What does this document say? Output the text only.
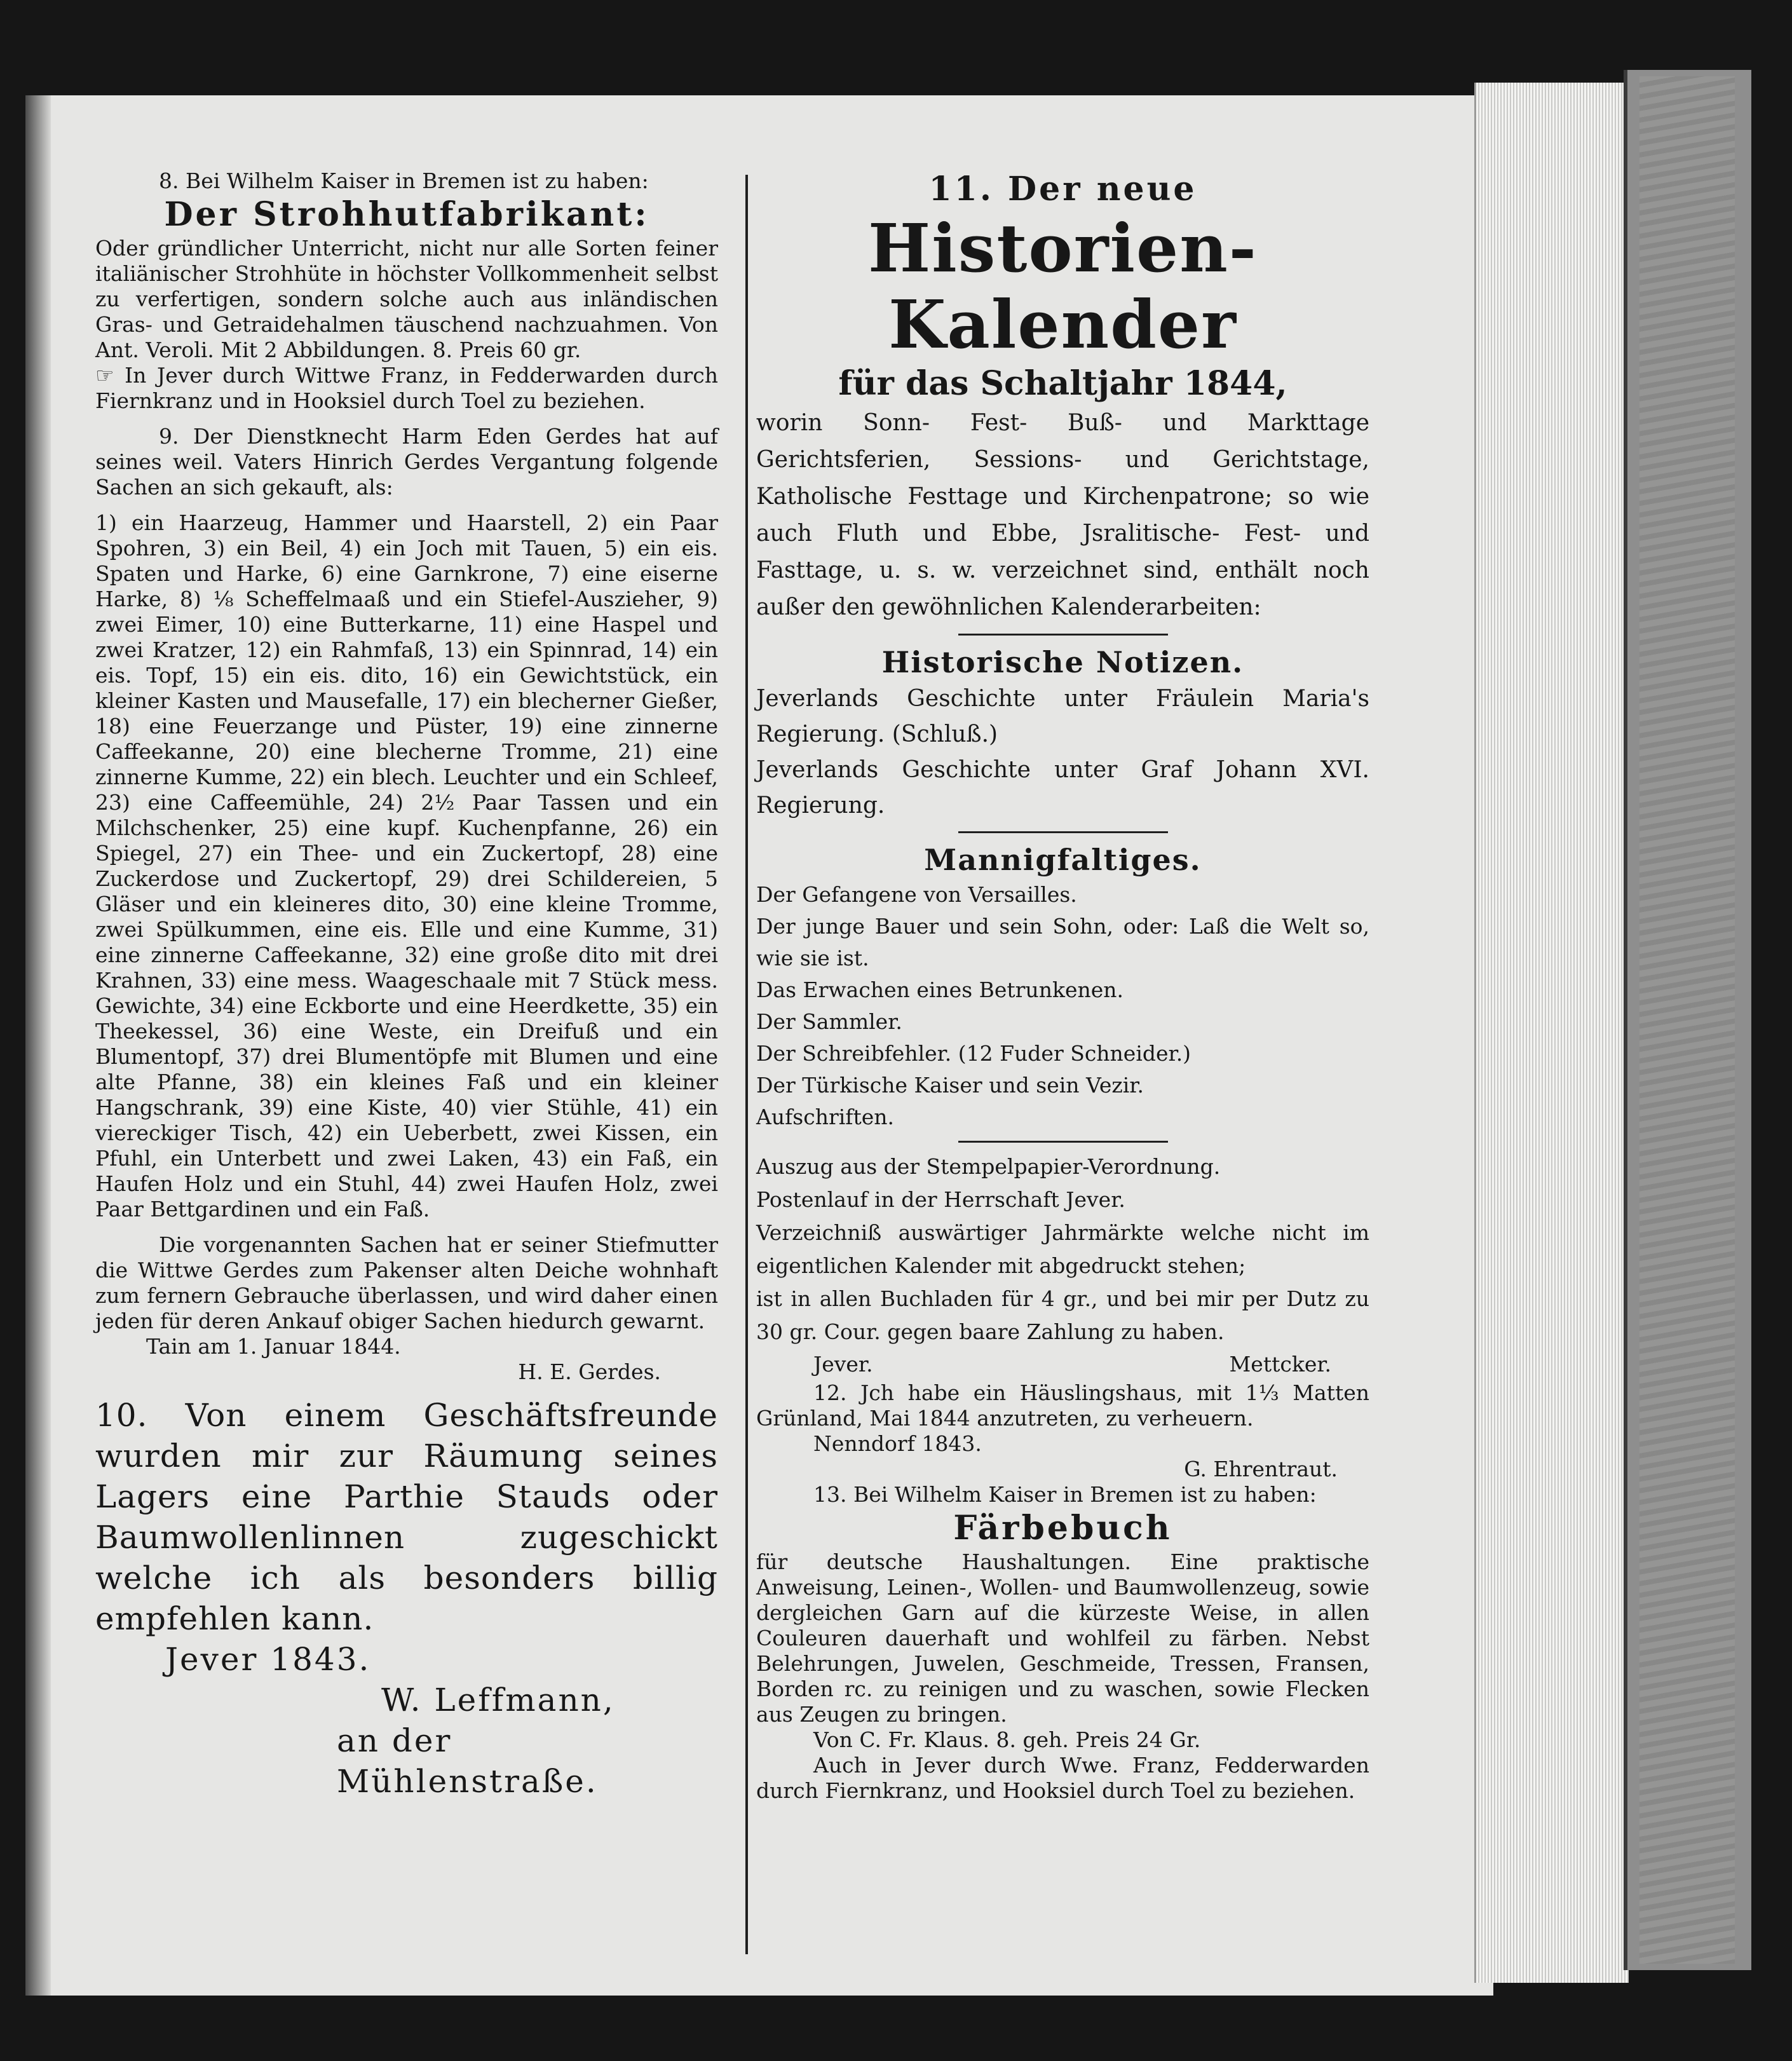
8. Bei Wilhelm Kaiser in Bremen ist zu haben:

Der Strohhutfabrikant:

Oder gründlicher Unterricht, nicht nur alle Sorten feiner italiänischer Strohhüte in höchster Vollkommenheit selbst zu verfertigen, sondern solche auch aus inländischen Gras- und Getraidehalmen täuschend nachzuahmen. Von Ant. Veroli. Mit 2 Abbildungen. 8. Preis 60 gr.

☞ In Jever durch Wittwe Franz, in Fedderwarden durch Fiernkranz und in Hooksiel durch Toel zu beziehen.

9. Der Dienstknecht Harm Eden Gerdes hat auf seines weil. Vaters Hinrich Gerdes Vergantung folgende Sachen an sich gekauft, als:

1) ein Haarzeug, Hammer und Haarstell, 2) ein Paar Spohren, 3) ein Beil, 4) ein Joch mit Tauen, 5) ein eis. Spaten und Harke, 6) eine Garnkrone, 7) eine eiserne Harke, 8) ⅛ Scheffelmaaß und ein Stiefel-Auszieher, 9) zwei Eimer, 10) eine Butterkarne, 11) eine Haspel und zwei Kratzer, 12) ein Rahmfaß, 13) ein Spinnrad, 14) ein eis. Topf, 15) ein eis. dito, 16) ein Gewichtstück, ein kleiner Kasten und Mausefalle, 17) ein blecherner Gießer, 18) eine Feuerzange und Püster, 19) eine zinnerne Caffeekanne, 20) eine blecherne Tromme, 21) eine zinnerne Kumme, 22) ein blech. Leuchter und ein Schleef, 23) eine Caffeemühle, 24) 2½ Paar Tassen und ein Milchschenker, 25) eine kupf. Kuchenpfanne, 26) ein Spiegel, 27) ein Thee- und ein Zuckertopf, 28) eine Zuckerdose und Zuckertopf, 29) drei Schildereien, 5 Gläser und ein kleineres dito, 30) eine kleine Tromme, zwei Spülkummen, eine eis. Elle und eine Kumme, 31) eine zinnerne Caffeekanne, 32) eine große dito mit drei Krahnen, 33) eine mess. Waageschaale mit 7 Stück mess. Gewichte, 34) eine Eckborte und eine Heerdkette, 35) ein Theekessel, 36) eine Weste, ein Dreifuß und ein Blumentopf, 37) drei Blumentöpfe mit Blumen und eine alte Pfanne, 38) ein kleines Faß und ein kleiner Hangschrank, 39) eine Kiste, 40) vier Stühle, 41) ein viereckiger Tisch, 42) ein Ueberbett, zwei Kissen, ein Pfuhl, ein Unterbett und zwei Laken, 43) ein Faß, ein Haufen Holz und ein Stuhl, 44) zwei Haufen Holz, zwei Paar Bettgardinen und ein Faß.

Die vorgenannten Sachen hat er seiner Stiefmutter die Wittwe Gerdes zum Pakenser alten Deiche wohnhaft zum fernern Gebrauche überlassen, und wird daher einen jeden für deren Ankauf obiger Sachen hiedurch gewarnt.

Tain am 1. Januar 1844.

H. E. Gerdes.

10. Von einem Geschäftsfreunde wurden mir zur Räumung seines Lagers eine Parthie Stauds oder Baumwollenlinnen zugeschickt welche ich als besonders billig empfehlen kann.

Jever 1843.

W. Leffmann,

an der Mühlenstraße.

11. Der neue

Historien-Kalender

für das Schaltjahr 1844,

worin Sonn- Fest- Buß- und Markttage Gerichtsferien, Sessions- und Gerichtstage, Katholische Festtage und Kirchenpatrone; so wie auch Fluth und Ebbe, Jsralitische- Fest- und Fasttage, u. s. w. verzeichnet sind, enthält noch außer den gewöhnlichen Kalenderarbeiten:

Historische Notizen.

Jeverlands Geschichte unter Fräulein Maria's Regierung. (Schluß.)

Jeverlands Geschichte unter Graf Johann XVI. Regierung.

Mannigfaltiges.

Der Gefangene von Versailles.

Der junge Bauer und sein Sohn, oder: Laß die Welt so, wie sie ist.

Das Erwachen eines Betrunkenen.

Der Sammler.

Der Schreibfehler. (12 Fuder Schneider.)

Der Türkische Kaiser und sein Vezir.

Aufschriften.

Auszug aus der Stempelpapier-Verordnung.

Postenlauf in der Herrschaft Jever.

Verzeichniß auswärtiger Jahrmärkte welche nicht im eigentlichen Kalender mit abgedruckt stehen;

ist in allen Buchladen für 4 gr., und bei mir per Dutz zu 30 gr. Cour. gegen baare Zahlung zu haben.

Jever.	Mettcker.

12. Jch habe ein Häuslingshaus, mit 1⅓ Matten Grünland, Mai 1844 anzutreten, zu verheuern.

Nenndorf 1843.

G. Ehrentraut.

13. Bei Wilhelm Kaiser in Bremen ist zu haben:

Färbebuch

für deutsche Haushaltungen. Eine praktische Anweisung, Leinen-, Wollen- und Baumwollenzeug, sowie dergleichen Garn auf die kürzeste Weise, in allen Couleuren dauerhaft und wohlfeil zu färben. Nebst Belehrungen, Juwelen, Geschmeide, Tressen, Fransen, Borden rc. zu reinigen und zu waschen, sowie Flecken aus Zeugen zu bringen.

Von C. Fr. Klaus. 8. geh. Preis 24 Gr.

Auch in Jever durch Wwe. Franz, Fedderwarden durch Fiernkranz, und Hooksiel durch Toel zu beziehen.
